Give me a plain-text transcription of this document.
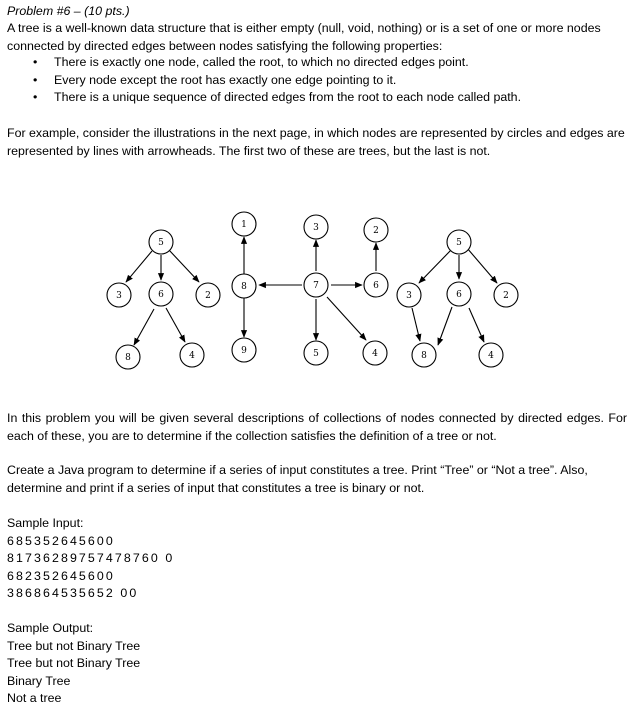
Problem #6 – (10 pts.)
A tree is a well-known data structure that is either empty (null, void, nothing) or is a set of one or more nodes connected by directed edges between nodes satisfying the following properties:
• There is exactly one node, called the root, to which no directed edges point.
• Every node except the root has exactly one edge pointing to it.
• There is a unique sequence of directed edges from the root to each node called path.
For example, consider the illustrations in the next page, in which nodes are represented by circles and edges are
represented by lines with arrowheads. The first two of these are trees, but the last is not.
5
3	6	2
8	4
1	3	2
8	7	6
9	5	4
5
3	6	2
8	4
In this problem you will be given several descriptions of collections of nodes connected by directed edges. For each of these, you are to determine if the collection satisfies the definition of a tree or not.
Create a Java program to determine if a series of input constitutes a tree. Print “Tree” or “Not a tree”. Also, determine and print if a series of input that constitutes a tree is binary or not.
Sample Input:
685352645600
81736289757478760 0
682352645600
386864535652 00
Sample Output:
Tree but not Binary Tree
Tree but not Binary Tree
Binary Tree
Not a tree
